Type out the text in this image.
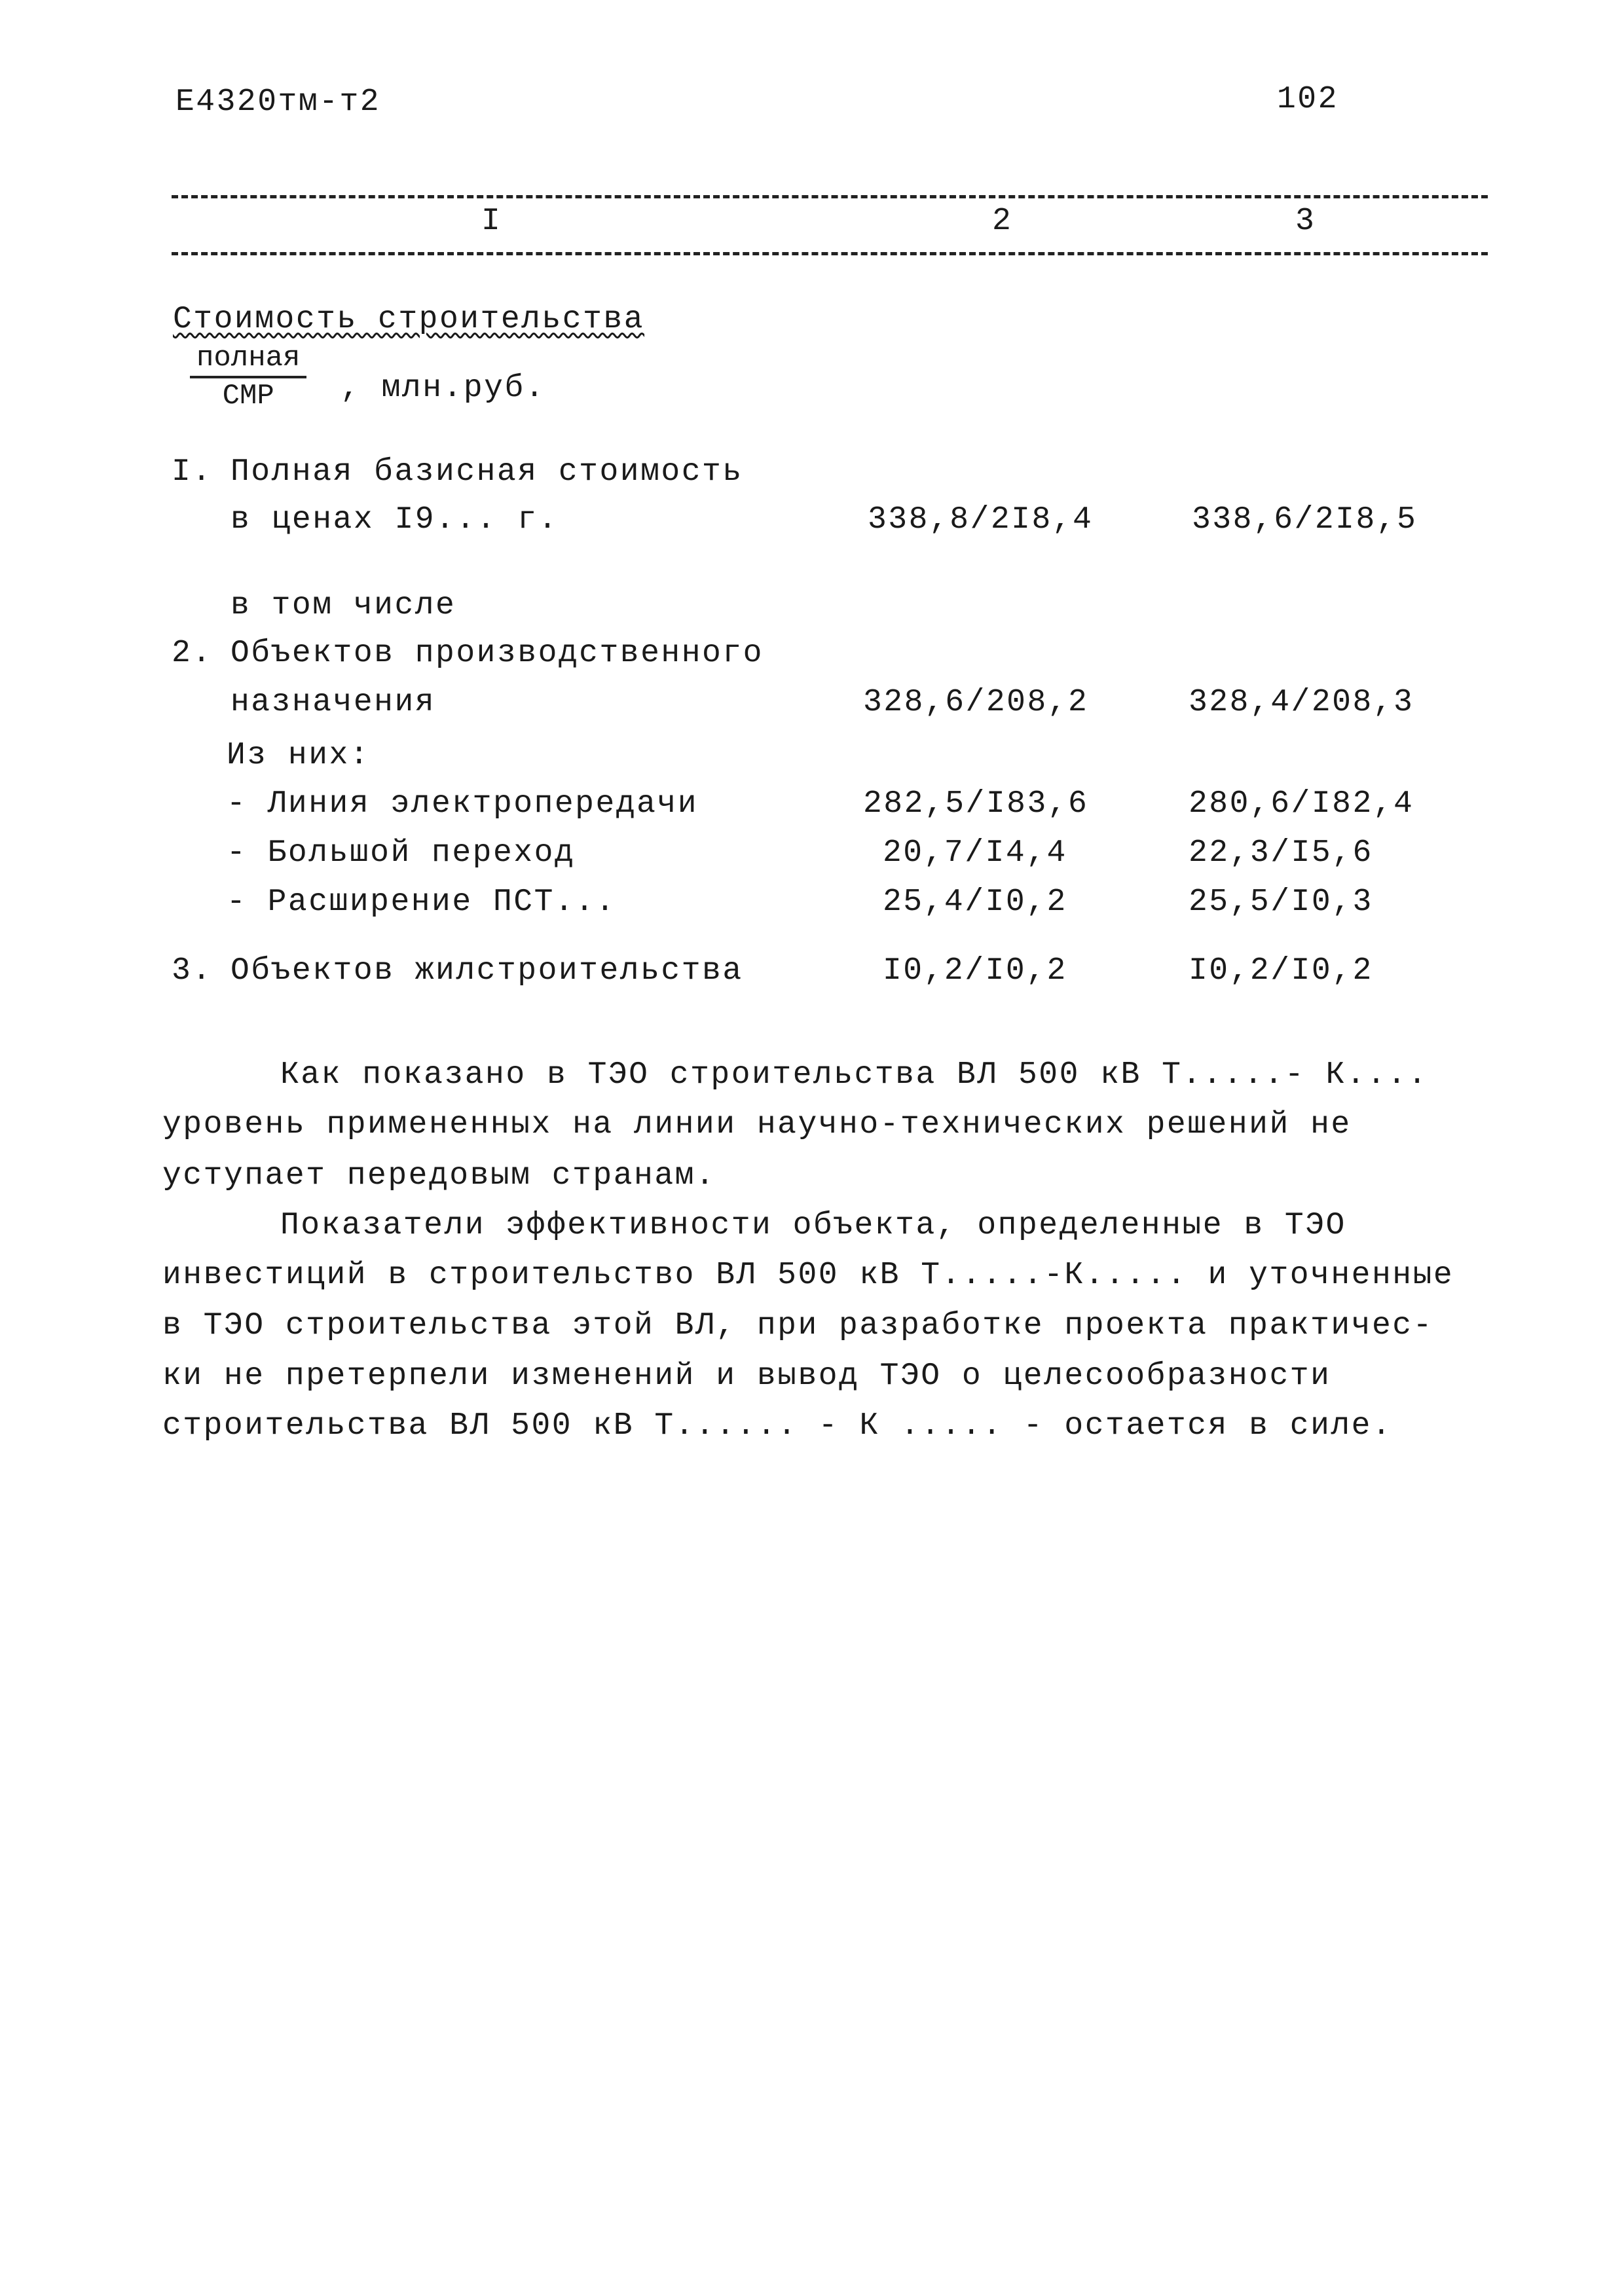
Е4320тм-т2	102
I	2	3
Стоимость строительства
полная
СМР	, млн.руб.
I. Полная базисная стоимость
в ценах I9... г.	338,8/2I8,4	338,6/2I8,5
в том числе
2. Объектов производственного
назначения	328,6/208,2	328,4/208,3
Из них:
- Линия электропередачи	282,5/I83,6	280,6/I82,4
- Большой переход	20,7/I4,4	22,3/I5,6
- Расширение ПСТ...	25,4/I0,2	25,5/I0,3
3. Объектов жилстроительства	I0,2/I0,2	I0,2/I0,2
Как показано в ТЭО строительства ВЛ 500 кВ Т.....- К....
уровень примененных на линии научно-технических решений не
уступает передовым странам.
Показатели эффективности объекта, определенные в ТЭО
инвестиций в строительство ВЛ 500 кВ Т.....-К..... и уточненные
в ТЭО строительства этой ВЛ, при разработке проекта практичес-
ки не претерпели изменений и вывод ТЭО о целесообразности
строительства ВЛ 500 кВ Т...... - К ..... - остается в силе.
